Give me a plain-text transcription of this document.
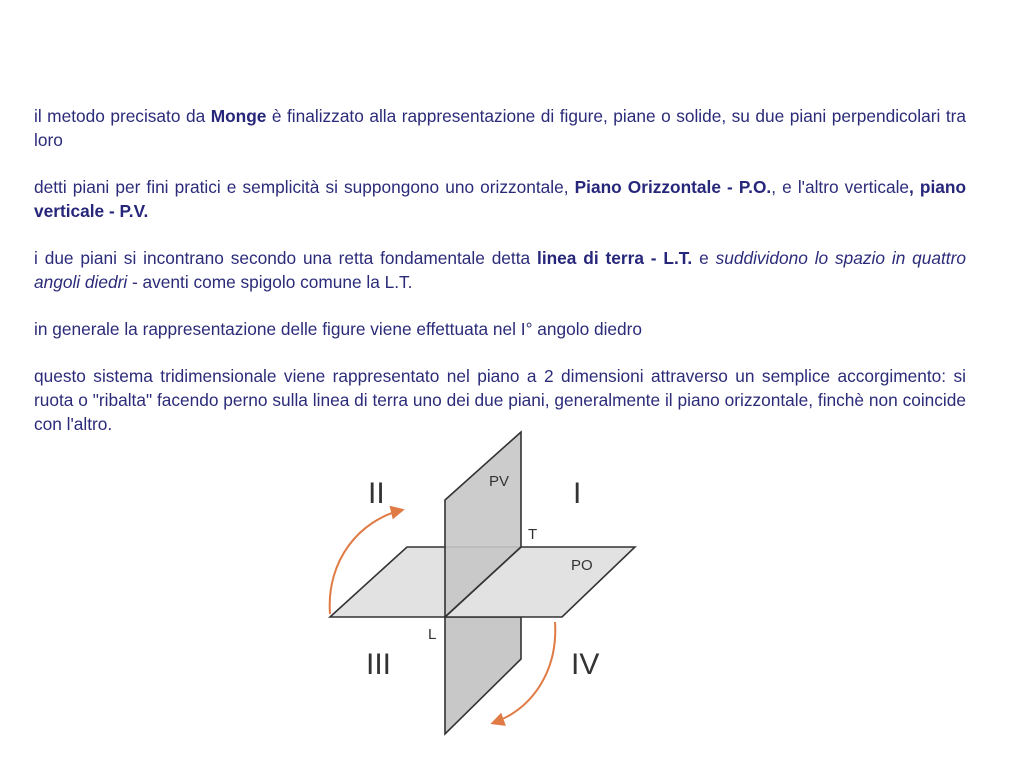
il metodo precisato da Monge è finalizzato alla rappresentazione di figure, piane o solide, su due piani perpendicolari tra loro

detti piani per fini pratici e semplicità si suppongono uno orizzontale, Piano Orizzontale - P.O., e l'altro verticale, piano verticale - P.V.

i due piani si incontrano secondo una retta fondamentale detta linea di terra - L.T. e suddividono lo spazio in quattro angoli diedri - aventi come spigolo comune la L.T.

in generale la rappresentazione delle figure viene effettuata nel I° angolo diedro

questo sistema tridimensionale viene rappresentato nel piano a 2 dimensioni attraverso un semplice accorgimento: si ruota o "ribalta" facendo perno sulla linea di terra uno dei due piani, generalmente il piano orizzontale, finchè non coincide con l'altro.

II	I
III	IV
PV
PO
T
L
